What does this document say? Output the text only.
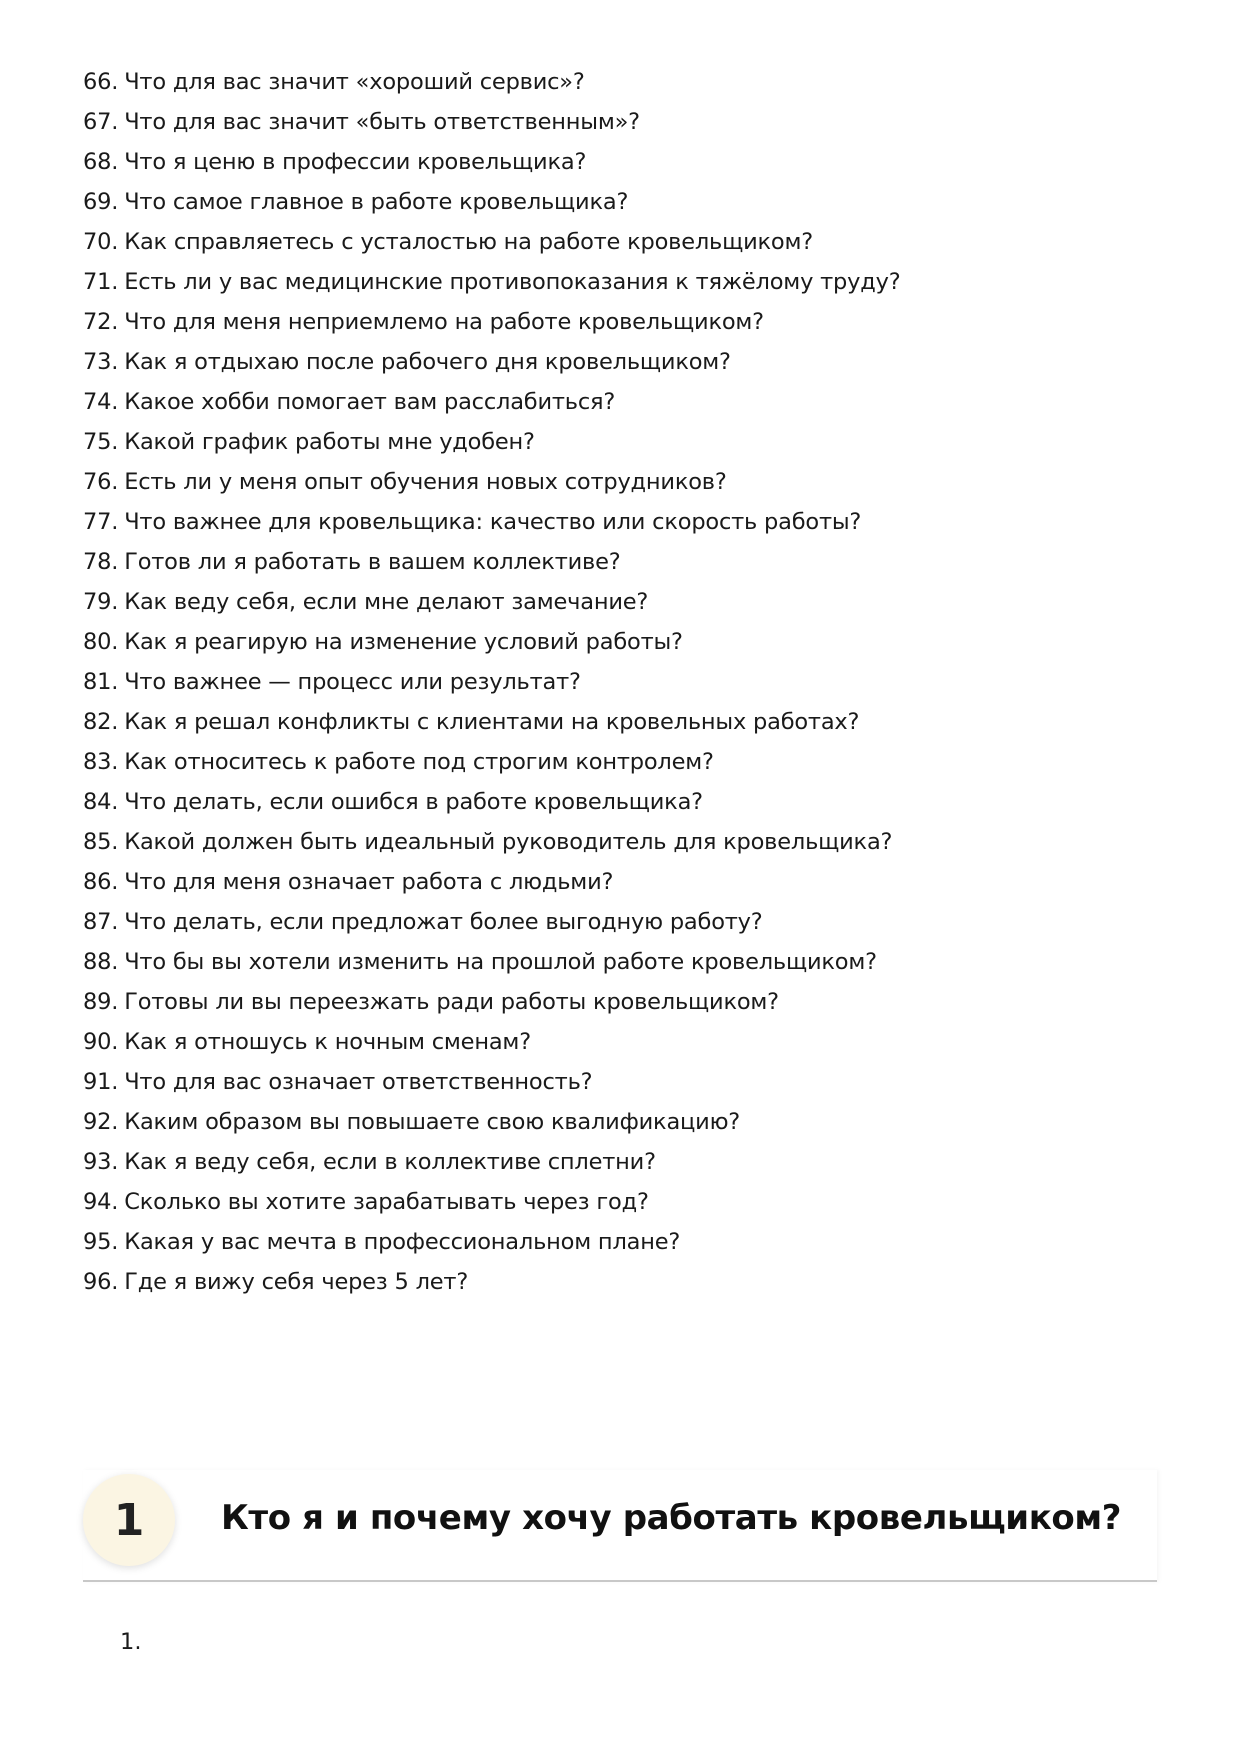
66. Что для вас значит «хороший сервис»?
67. Что для вас значит «быть ответственным»?
68. Что я ценю в профессии кровельщика?
69. Что самое главное в работе кровельщика?
70. Как справляетесь с усталостью на работе кровельщиком?
71. Есть ли у вас медицинские противопоказания к тяжёлому труду?
72. Что для меня неприемлемо на работе кровельщиком?
73. Как я отдыхаю после рабочего дня кровельщиком?
74. Какое хобби помогает вам расслабиться?
75. Какой график работы мне удобен?
76. Есть ли у меня опыт обучения новых сотрудников?
77. Что важнее для кровельщика: качество или скорость работы?
78. Готов ли я работать в вашем коллективе?
79. Как веду себя, если мне делают замечание?
80. Как я реагирую на изменение условий работы?
81. Что важнее — процесс или результат?
82. Как я решал конфликты с клиентами на кровельных работах?
83. Как относитесь к работе под строгим контролем?
84. Что делать, если ошибся в работе кровельщика?
85. Какой должен быть идеальный руководитель для кровельщика?
86. Что для меня означает работа с людьми?
87. Что делать, если предложат более выгодную работу?
88. Что бы вы хотели изменить на прошлой работе кровельщиком?
89. Готовы ли вы переезжать ради работы кровельщиком?
90. Как я отношусь к ночным сменам?
91. Что для вас означает ответственность?
92. Каким образом вы повышаете свою квалификацию?
93. Как я веду себя, если в коллективе сплетни?
94. Сколько вы хотите зарабатывать через год?
95. Какая у вас мечта в профессиональном плане?
96. Где я вижу себя через 5 лет?
1	Кто я и почему хочу работать кровельщиком?
1.
